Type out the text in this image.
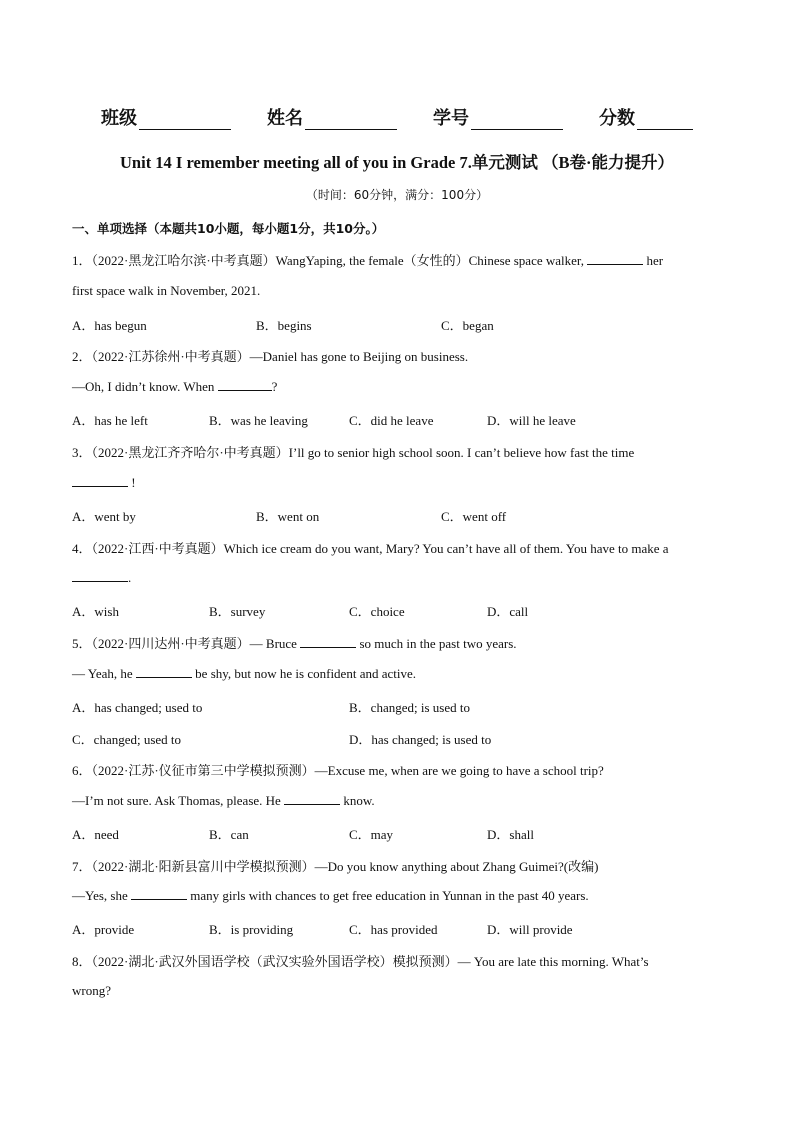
班级	姓名	学号	分数
Unit 14 I remember meeting all of you in Grade 7.单元测试 （B卷·能力提升）
（时间：60分钟，满分：100分）
一、单项选择（本题共10小题，每小题1分，共10分。）
1．（2022·黑龙江哈尔滨·中考真题）WangYaping, the female（女性的）Chinese space walker,	her
first space walk in November, 2021.
A．has begun	B．begins	C．began
2．（2022·江苏徐州·中考真题）—Daniel has gone to Beijing on business.
—Oh, I didn’t know. When	?
A．has he left	B．was he leaving	C．did he leave	D．will he leave
3．（2022·黑龙江齐齐哈尔·中考真题）I’ll go to senior high school soon. I can’t believe how fast the time
!
A．went by	B．went on	C．went off
4．（2022·江西·中考真题）Which ice cream do you want, Mary? You can’t have all of them. You have to make a
.
A．wish	B．survey	C．choice	D．call
5．（2022·四川达州·中考真题）— Bruce	so much in the past two years.
— Yeah, he	be shy, but now he is confident and active.
A．has changed; used to	B．changed; is used to
C．changed; used to	D．has changed; is used to
6．（2022·江苏·仪征市第三中学模拟预测）—Excuse me, when are we going to have a school trip?
—I’m not sure. Ask Thomas, please. He	know.
A．need	B．can	C．may	D．shall
7．（2022·湖北·阳新县富川中学模拟预测）—Do you know anything about Zhang Guimei?(改编)
—Yes, she	many girls with chances to get free education in Yunnan in the past 40 years.
A．provide	B．is providing	C．has provided	D．will provide
8．（2022·湖北·武汉外国语学校（武汉实验外国语学校）模拟预测）— You are late this morning. What’s
wrong?
